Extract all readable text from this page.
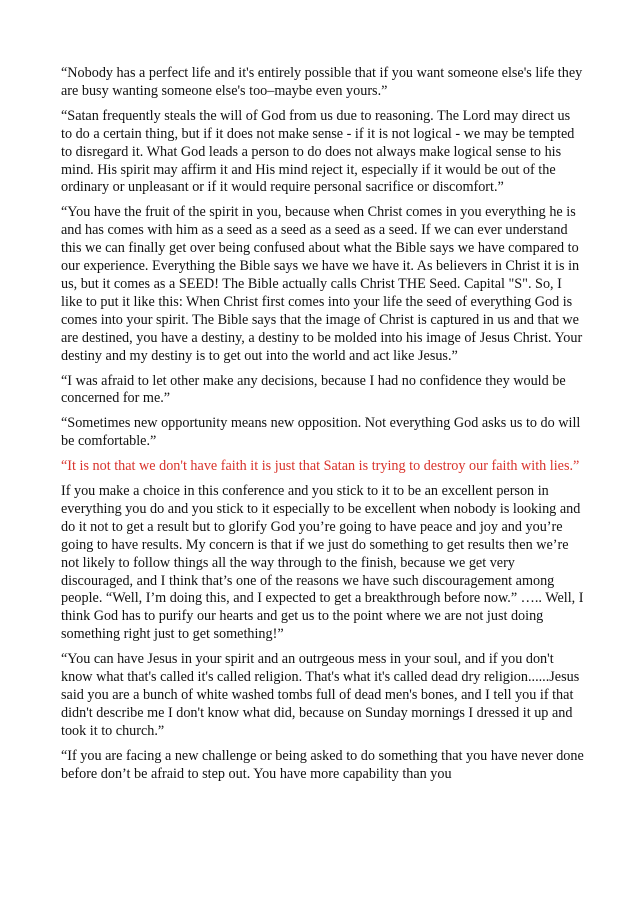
“Nobody has a perfect life and it's entirely possible that if you want someone else's life they are busy wanting someone else's too–maybe even yours.”

“Satan frequently steals the will of God from us due to reasoning. The Lord may direct us to do a certain thing, but if it does not make sense - if it is not logical - we may be tempted to disregard it. What God leads a person to do does not always make logical sense to his mind. His spirit may affirm it and His mind reject it, especially if it would be out of the ordinary or unpleasant or if it would require personal sacrifice or discomfort.”

“You have the fruit of the spirit in you, because when Christ comes in you everything he is and has comes with him as a seed as a seed as a seed as a seed. If we can ever understand this we can finally get over being confused about what the Bible says we have compared to our experience. Everything the Bible says we have we have it. As believers in Christ it is in us, but it comes as a SEED! The Bible actually calls Christ THE Seed. Capital "S". So, I like to put it like this: When Christ first comes into your life the seed of everything God is comes into your spirit. The Bible says that the image of Christ is captured in us and that we are destined, you have a destiny, a destiny to be molded into his image of Jesus Christ. Your destiny and my destiny is to get out into the world and act like Jesus.”

“I was afraid to let other make any decisions, because I had no confidence they would be concerned for me.”

“Sometimes new opportunity means new opposition. Not everything God asks us to do will be comfortable.”

“It is not that we don't have faith it is just that Satan is trying to destroy our faith with lies.”

If you make a choice in this conference and you stick to it to be an excellent person in everything you do and you stick to it especially to be excellent when nobody is looking and do it not to get a result but to glorify God you’re going to have peace and joy and you’re going to have results. My concern is that if we just do something to get results then we’re not likely to follow things all the way through to the finish, because we get very discouraged, and I think that’s one of the reasons we have such discouragement among people. “Well, I’m doing this, and I expected to get a breakthrough before now.” ….. Well, I think God has to purify our hearts and get us to the point where we are not just doing something right just to get something!”

“You can have Jesus in your spirit and an outrgeous mess in your soul, and if you don't know what that's called it's called religion. That's what it's called dead dry religion......Jesus said you are a bunch of white washed tombs full of dead men's bones, and I tell you if that didn't describe me I don't know what did, because on Sunday mornings I dressed it up and took it to church.”

“If you are facing a new challenge or being asked to do something that you have never done before don’t be afraid to step out. You have more capability than you
